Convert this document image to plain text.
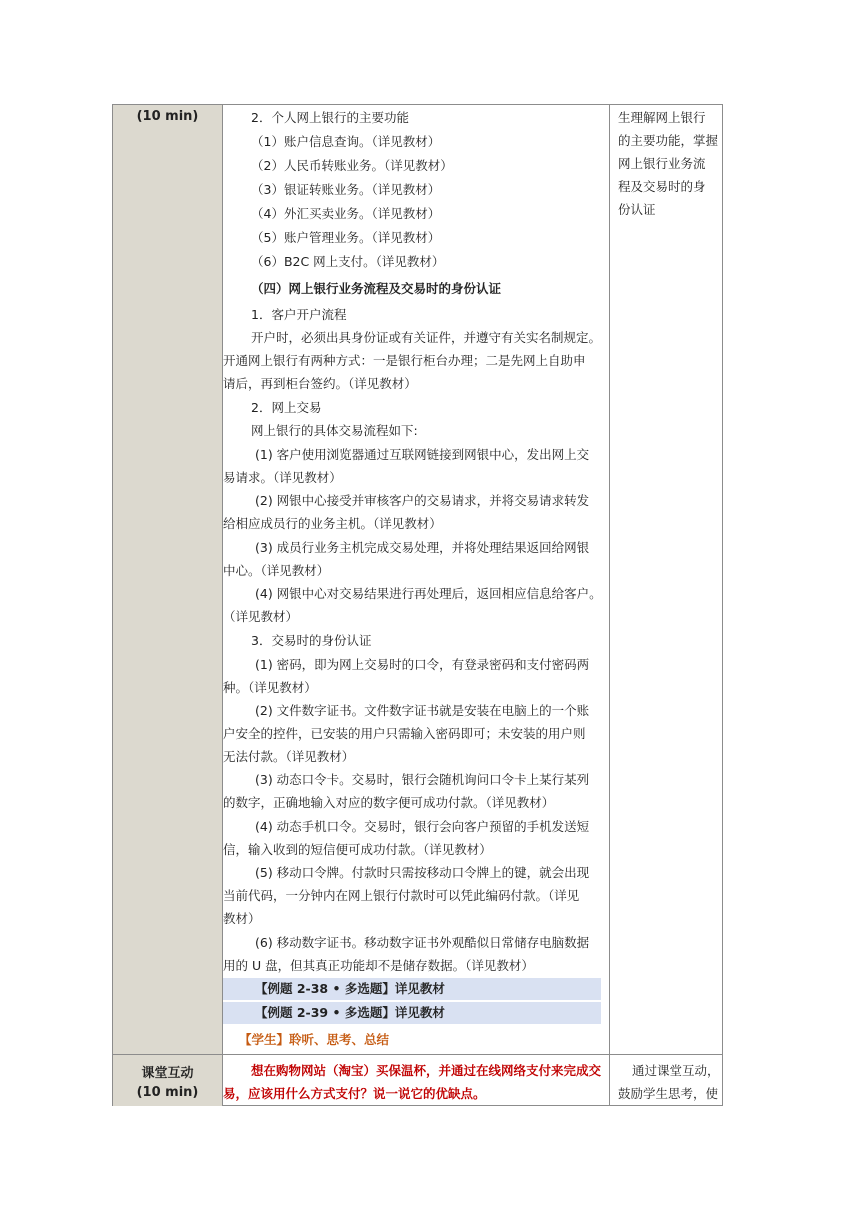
(10 min)	2．个人网上银行的主要功能
（1）账户信息查询。（详见教材）
（2）人民币转账业务。（详见教材）
（3）银证转账业务。（详见教材）
（4）外汇买卖业务。（详见教材）
（5）账户管理业务。（详见教材）
（6）B2C 网上支付。（详见教材）
（四）网上银行业务流程及交易时的身份认证
1．客户开户流程
开户时，必须出具身份证或有关证件，并遵守有关实名制规定。
开通网上银行有两种方式：一是银行柜台办理；二是先网上自助申
请后，再到柜台签约。（详见教材）
2．网上交易
网上银行的具体交易流程如下:
(1) 客户使用浏览器通过互联网链接到网银中心，发出网上交
易请求。（详见教材）
(2) 网银中心接受并审核客户的交易请求，并将交易请求转发
给相应成员行的业务主机。（详见教材）
(3) 成员行业务主机完成交易处理，并将处理结果返回给网银
中心。（详见教材）
(4) 网银中心对交易结果进行再处理后，返回相应信息给客户。
（详见教材）
3．交易时的身份认证
(1) 密码，即为网上交易时的口令，有登录密码和支付密码两
种。（详见教材）
(2) 文件数字证书。文件数字证书就是安装在电脑上的一个账
户安全的控件，已安装的用户只需输入密码即可；未安装的用户则
无法付款。（详见教材）
(3) 动态口令卡。交易时，银行会随机询问口令卡上某行某列
的数字，正确地输入对应的数字便可成功付款。（详见教材）
(4) 动态手机口令。交易时，银行会向客户预留的手机发送短
信，输入收到的短信便可成功付款。（详见教材）
(5) 移动口令牌。付款时只需按移动口令牌上的键，就会出现
当前代码，一分钟内在网上银行付款时可以凭此编码付款。（详见
教材）
(6) 移动数字证书。移动数字证书外观酷似日常储存电脑数据
用的 U 盘，但其真正功能却不是储存数据。（详见教材）
【例题 2-38 • 多选题】详见教材
【例题 2-39 • 多选题】详见教材
【学生】聆听、思考、总结
生理解网上银行
的主要功能，掌握
网上银行业务流
程及交易时的身
份认证
课堂互动
(10 min)
想在购物网站（淘宝）买保温杯，并通过在线网络支付来完成交
易，应该用什么方式支付？说一说它的优缺点。
通过课堂互动，
鼓励学生思考，使
